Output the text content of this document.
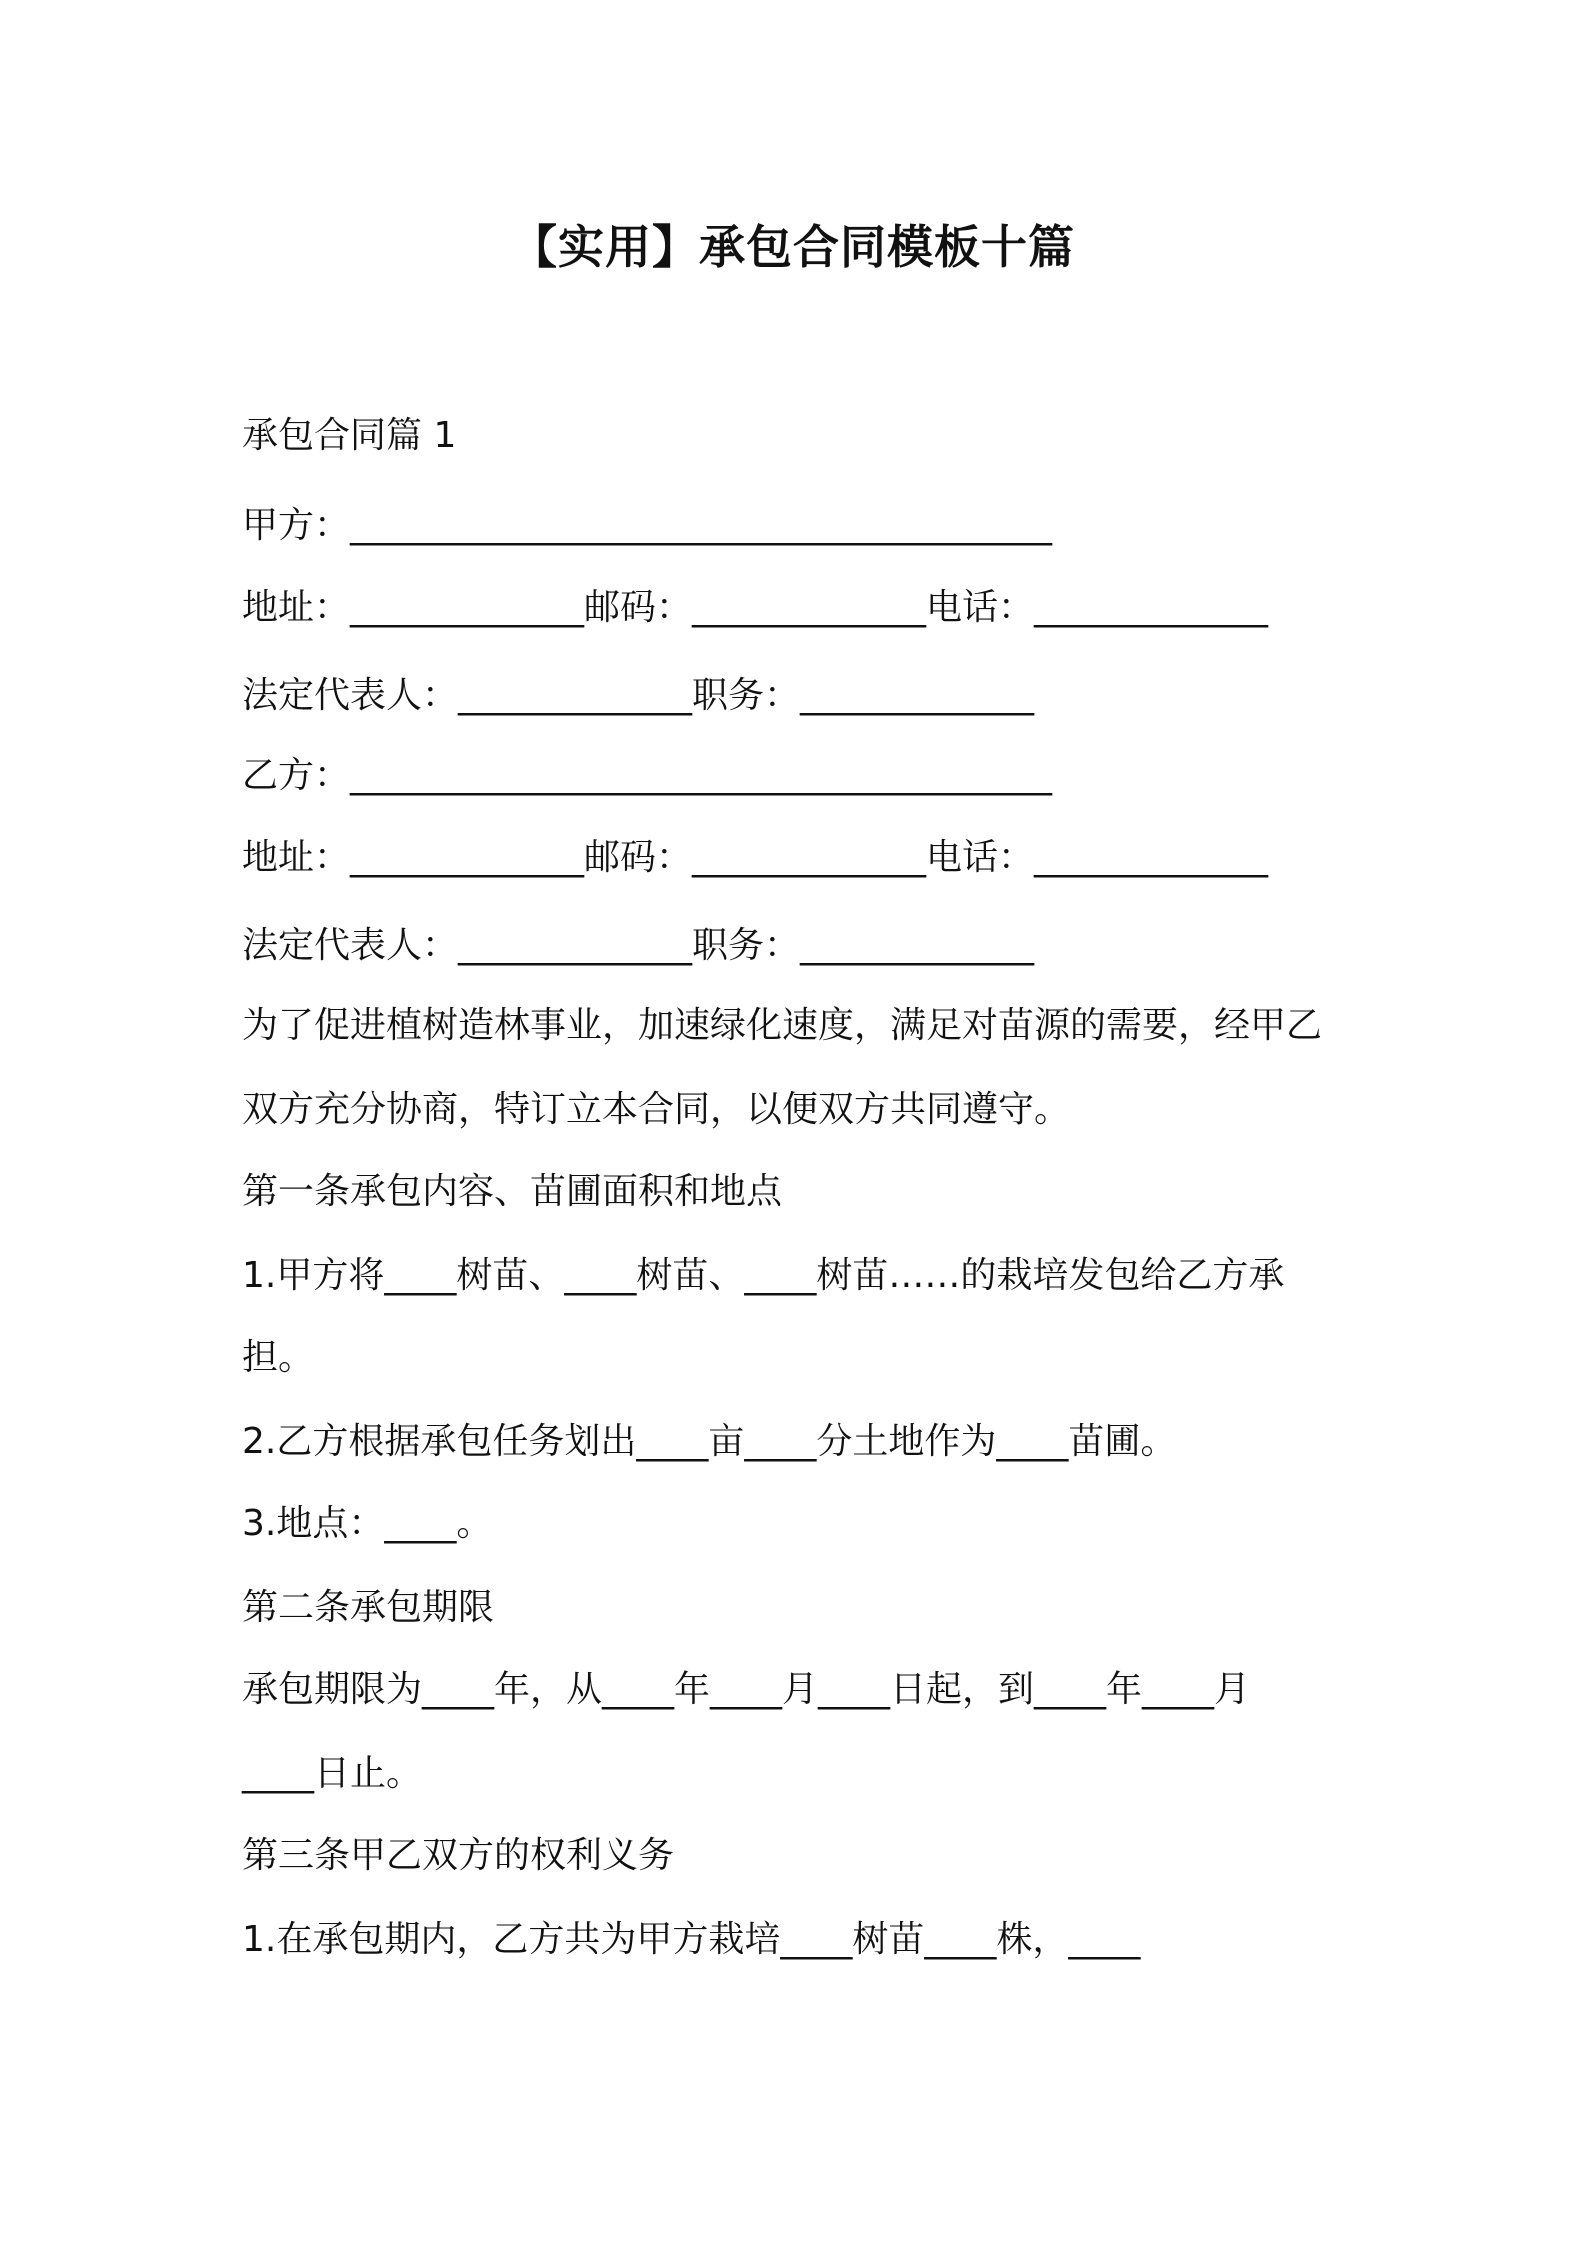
【实用】承包合同模板十篇
承包合同篇 1
甲方：_______________________________________
地址：_____________邮码：_____________电话：_____________
法定代表人：_____________职务：_____________
乙方：_______________________________________
地址：_____________邮码：_____________电话：_____________
法定代表人：_____________职务：_____________
为了促进植树造林事业，加速绿化速度，满足对苗源的需要，经甲乙
双方充分协商，特订立本合同，以便双方共同遵守。
第一条承包内容、苗圃面积和地点
1.甲方将____树苗、____树苗、____树苗……的栽培发包给乙方承
担。
2.乙方根据承包任务划出____亩____分土地作为____苗圃。
3.地点：____。
第二条承包期限
承包期限为____年，从____年____月____日起，到____年____月
____日止。
第三条甲乙双方的权利义务
1.在承包期内，乙方共为甲方栽培____树苗____株，____
